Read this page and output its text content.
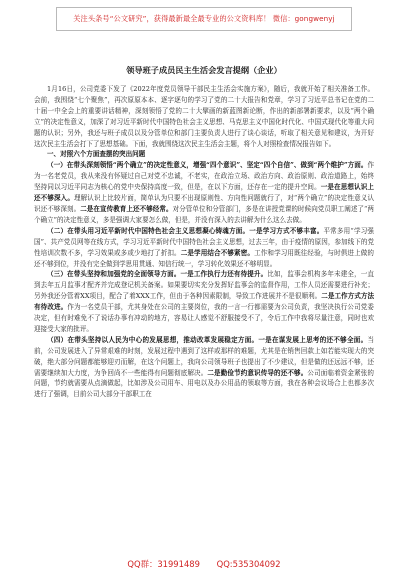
关注头条号“公文研究”，获得最新最全最专业的公文资料库！ 微信：gongwenyj
领导班子成员民主生活会发言提纲（企业）

1月16日，公司党委下发了《2022年度党员领导干部民主生活会实施方案》，随后，我就开始了相关准备工作。会前，我围绕“七个聚焦”，再次原原本本、逐字逐句的学习了党的二十大报告和党章，学习了习近平总书记在党的二十届一中全会上的重要讲话精神，深刻领悟了党的二十大擘画的新蓝图新论断，作出的新部署新要求，以及“两个确立”的决定性意义，加深了对习近平新时代中国特色社会主义思想、马克思主义中国化时代化、中国式现代化等重大问题的认识；另外，我还与班子成员以及分管单位和部门主要负责人进行了谈心谈话，听取了相关意见和建议，为开好这次民主生活会打下了思想基础。下面，我就围绕这次民主生活会主题，将个人对照检查情况报告如下。

一、对照六个方面查摆的突出问题

（一）在带头深刻领悟“两个确立”的决定性意义，增强“四个意识”、坚定“四个自信”、做到“两个维护”方面。作为一名老党员，我从来没有怀疑过自己对党不忠诚，不老实，在政治立场、政治方向、政治原则、政治道路上，始终坚持同以习近平同志为核心的党中央保持高度一致，但是，在以下方面，还存在一定的提升空间。一是在思想认识上还不够深入。理解认识上比较片面，简单认为只要不出现原则性、方向性问题就行了，对“两个确立”的决定性意义认识还不够深刻。二是在宣传教育上还不够经常。对分管单位和分管部门，多是在讲授党课的时候向党员职工阐述了“两个确立”的决定性意义，多是强调大家要怎么做，但是，并没有深入的去讲解为什么这么去做。

（二）在带头用习近平新时代中国特色社会主义思想凝心铸魂方面。一是学习方式不够丰富。平常多用“学习强国”、共产党员网等在线方式，学习习近平新时代中国特色社会主义思想，过去三年，由于疫情的原因，参加线下的党性培训次数不多，学习效果或多或少地打了折扣。二是学用结合不够紧密。工作和学习用既往经验，与时俱进上做的还不够到位，并没有完全做到学思用贯通、知信行统一，学习转化效果还不够明显。

（三）在带头坚持和加强党的全面领导方面。一是工作执行力还有待提升。比如，监事会机构多年未建全，一直到去年五月监事才配齐并完成登记机关备案。如果要切实充分发挥好监事会的监督作用，工作人员还需要进行补充；另外我还分管着XX项目，配合了着XXX工作，但由于各种因素限制，导致工作进展并不是很顺利。二是工作方式方法有待改进。作为一名党员干部，尤其身处在公司的主要岗位，我的一言一行都需要为公司负责，我坚决执行公司党委决定，但有时难免不了说话办事有冲动的地方，容易让人感觉不舒服接受不了，令后工作中我将尽量注意，同时也欢迎接受大家的批评。

（四）在带头坚持以人民为中心的发展思想，推动改革发展稳定方面。一是在谋发展上思考的还不够全面。当前，公司发展进入了异常艰难的时刻，发展过程中遇到了这样或那样的难题，尤其是在销售回款上如若能实现大的突破，绝大部分问题都能够迎刃而解，在这个问题上，我向公司领导班子也提出了不少建议，但是做的还远远不够，还需要继续加大力度，为争回尚不一些能得有问题彻底解决。二是勤俭节约意识传导的还不够。公司面临着资金紧张的问题，节约就需要从点滴做起，比如涉及公司用车、用电以及办公用品的领取等方面，我在各种会议场合上也都多次进行了强调，目前公司大部分干部职工在

QQ群：31991489 QQ:535304092
